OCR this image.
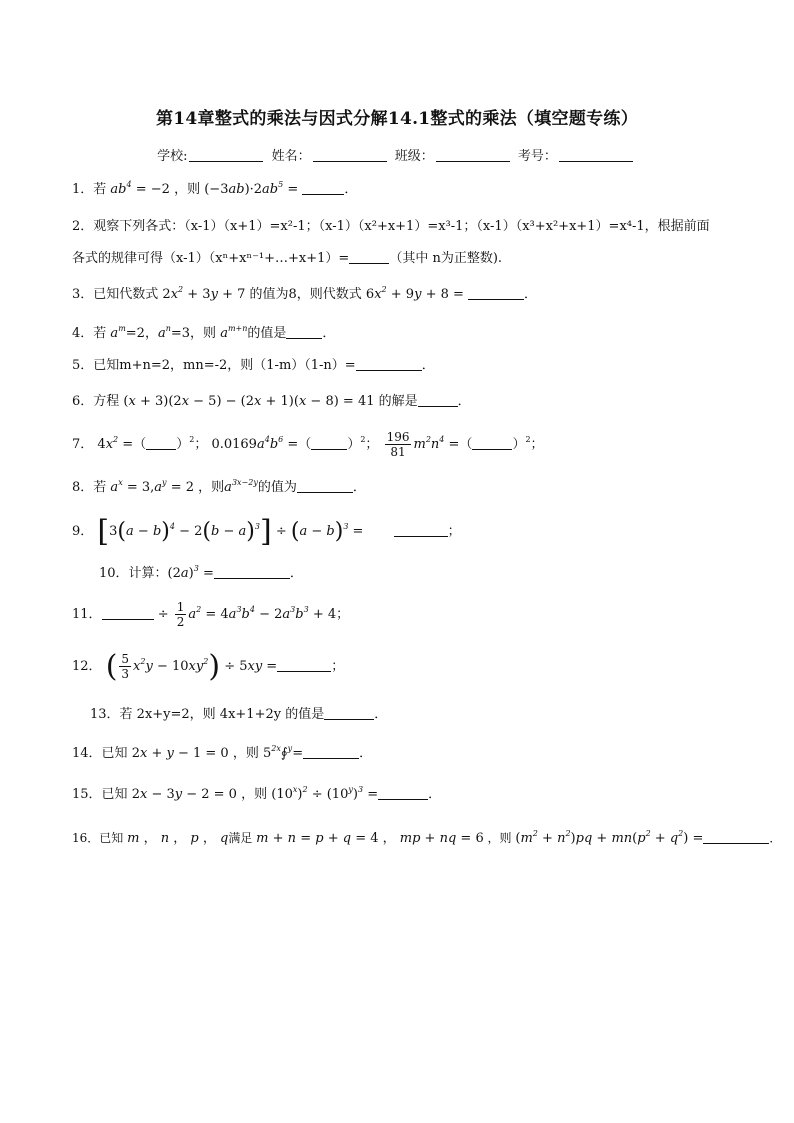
第14章整式的乘法与因式分解14.1整式的乘法（填空题专练）
学校:	姓名：	班级：	考号：
1．若 $ab^4 = -2$ ，则 $(-3ab)\cdot 2ab^5$ =	．
2．观察下列各式：（x-1）（x+1）=x²-1；（x-1）（x²+x+1）=x³-1；（x-1）（x³+x²+x+1）=x⁴-1，根据前面
各式的规律可得（x-1）（xⁿ+xⁿ⁻¹+…+x+1）=	（其中 n为正整数).
3．已知代数式 $2x^2 + 3y + 7$ 的值为8，则代数式 $6x^2 + 9y + 8$ =	．
4．若 $a^m=2$，$a^n=3$，则 $a^{m+n}$的值是	．
5．已知m+n=2，mn=-2，则（1-m）（1-n）=	．
6．方程 (x + 3)(2x − 5) − (2x + 1)(x − 8) = 41 的解是	．
7． $4x^2$ =（ ）$^2$； $0.0169a^4b^6$ =（	）$^2$； $\frac{196}{81} m^2n^4$ =（	）$^2$；
8．若 $a^x = 3,a^y = 2$ ，则$a^{3x-2y}$的值为	．
9． $[3(a - b)^4 - 2(b - a)^3] \div (a - b)^3$ =	；
10．计算：$(2a)^3$ =	．
11．	÷ $\frac{1}{2} a^2 = 4a^3b^4 - 2a^3b^3 + 4$；
12． ( $\frac{5}{3} x^2y - 10xy^2) \div 5xy$ =	；
13．若 2x+y=2，则 4x+1+2y 的值是	．
14．已知 2x + y − 1 = 0 ，则 $5^{2x}∮^y=$	．
15．已知 2x − 3y − 2 = 0 ，则 $(10^x)^2 \div (10^y)^3$ =	．
16．已知 m ， n ， p ， q满足 m + n = p + q = 4 ， mp + nq = 6 ，则 $(m^2 + n^2)pq + mn(p^2 + q^2)$ =	．
